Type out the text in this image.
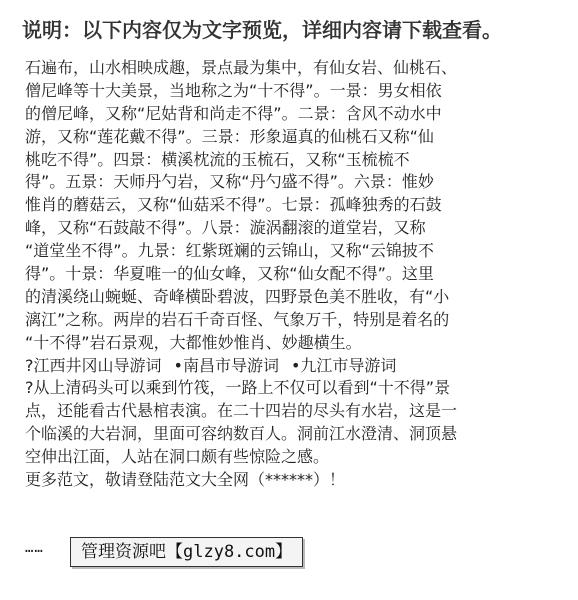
说明：以下内容仅为文字预览，详细内容请下载查看。
石遍布，山水相映成趣，景点最为集中，有仙女岩、仙桃石、
僧尼峰等十大美景，当地称之为“十不得”。一景：男女相依
的僧尼峰，又称“尼姑背和尚走不得”。二景：含风不动水中
游，又称“莲花戴不得”。三景：形象逼真的仙桃石又称“仙
桃吃不得”。四景：横溪枕流的玉梳石，又称“玉梳梳不
得”。五景：天师丹勺岩，又称“丹勺盛不得”。六景：惟妙
惟肖的蘑菇云，又称“仙菇采不得”。七景：孤峰独秀的石鼓
峰，又称“石鼓敲不得”。八景：漩涡翻滚的道堂岩，又称
“道堂坐不得”。九景：红紫斑斓的云锦山，又称“云锦披不
得”。十景：华夏唯一的仙女峰，又称“仙女配不得”。这里
的清溪绕山蜿蜒、奇峰横卧碧波，四野景色美不胜收，有“小
漓江”之称。两岸的岩石千奇百怪、气象万千，特别是着名的
“十不得”岩石景观，大都惟妙惟肖、妙趣横生。
?江西井冈山导游词 •南昌市导游词 •九江市导游词
?从上清码头可以乘到竹筏，一路上不仅可以看到“十不得”景
点，还能看古代悬棺表演。在二十四岩的尽头有水岩，这是一
个临溪的大岩洞，里面可容纳数百人。洞前江水澄清、洞顶悬
空伸出江面，人站在洞口颇有些惊险之感。
更多范文，敬请登陆范文大全网（******）！
……	管理资源吧【glzy8.com】
